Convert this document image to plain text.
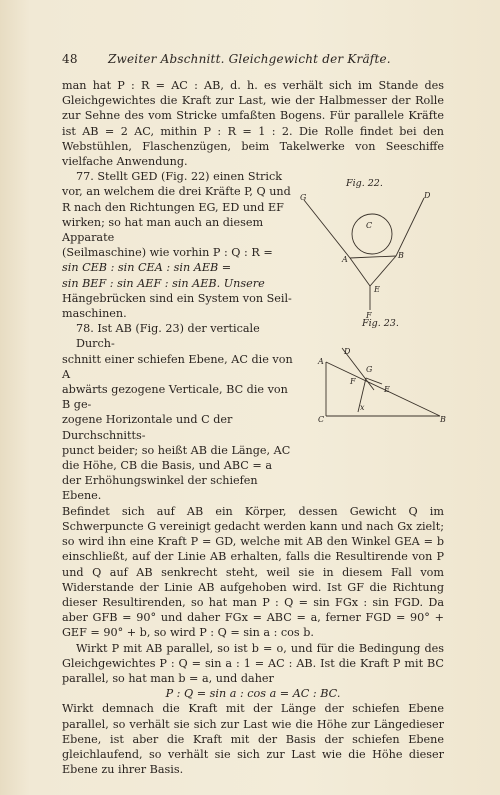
48	Zweiter Abschnitt. Gleichgewicht der Kräfte.

man hat P : R = AC : AB, d. h. es verhält sich im Stande des Gleichgewichtes die Kraft zur Last, wie der Halbmesser der Rolle zur Sehne des vom Stricke umfaßten Bogens. Für parallele Kräfte ist AB = 2 AC, mithin P : R = 1 : 2. Die Rolle findet bei den Webstühlen, Flaschenzügen, beim Takelwerke von Seeschiffe vielfache Anwendung.

77. Stellt GED (Fig. 22) einen Strick
vor, an welchem die drei Kräfte P, Q und
R nach den Richtungen EG, ED und EF
wirken; so hat man auch an diesem Apparate
(Seilmaschine) wie vorhin P : Q : R =
sin CEB : sin CEA : sin AEB =
sin BEF : sin AEF : sin AEB. Unsere
Hängebrücken sind ein System von Seil-
maschinen.
78. Ist AB (Fig. 23) der verticale Durch-
schnitt einer schiefen Ebene, AC die von A
abwärts gezogene Verticale, BC die von B ge-
zogene Horizontale und C der Durchschnitts-
punct beider; so heißt AB die Länge, AC
die Höhe, CB die Basis, und ABC = a
der Erhöhungswinkel der schiefen Ebene.

Befindet sich auf AB ein Körper, dessen Gewicht Q im Schwerpuncte G vereinigt gedacht werden kann und nach Gx zielt; so wird ihn eine Kraft P = GD, welche mit AB den Winkel GEA = b einschließt, auf der Linie AB erhalten, falls die Resultirende von P und Q auf AB senkrecht steht, weil sie in diesem Fall vom Widerstande der Linie AB aufgehoben wird. Ist GF die Richtung dieser Resultirenden, so hat man P : Q = sin FGx : sin FGD. Da aber GFB = 90° und daher FGx = ABC = a, ferner FGD = 90° + GEF = 90° + b, so wird P : Q = sin a : cos b.

Wirkt P mit AB parallel, so ist b = o, und für die Bedingung des Gleichgewichtes P : Q = sin a : 1 = AC : AB. Ist die Kraft P mit BC parallel, so hat man b = a, und daher

P : Q = sin a : cos a = AC : BC.

Wirkt demnach die Kraft mit der Länge der schiefen Ebene parallel, so verhält sie sich zur Last wie die Höhe zur Längedieser Ebene, ist aber die Kraft mit der Basis der schiefen Ebene gleichlaufend, so verhält sie sich zur Last wie die Höhe dieser Ebene zu ihrer Basis.

Fig. 22.
G	D
C
A	B
E
F
Fig. 23.
D
A
G
F
x
E
C	B
